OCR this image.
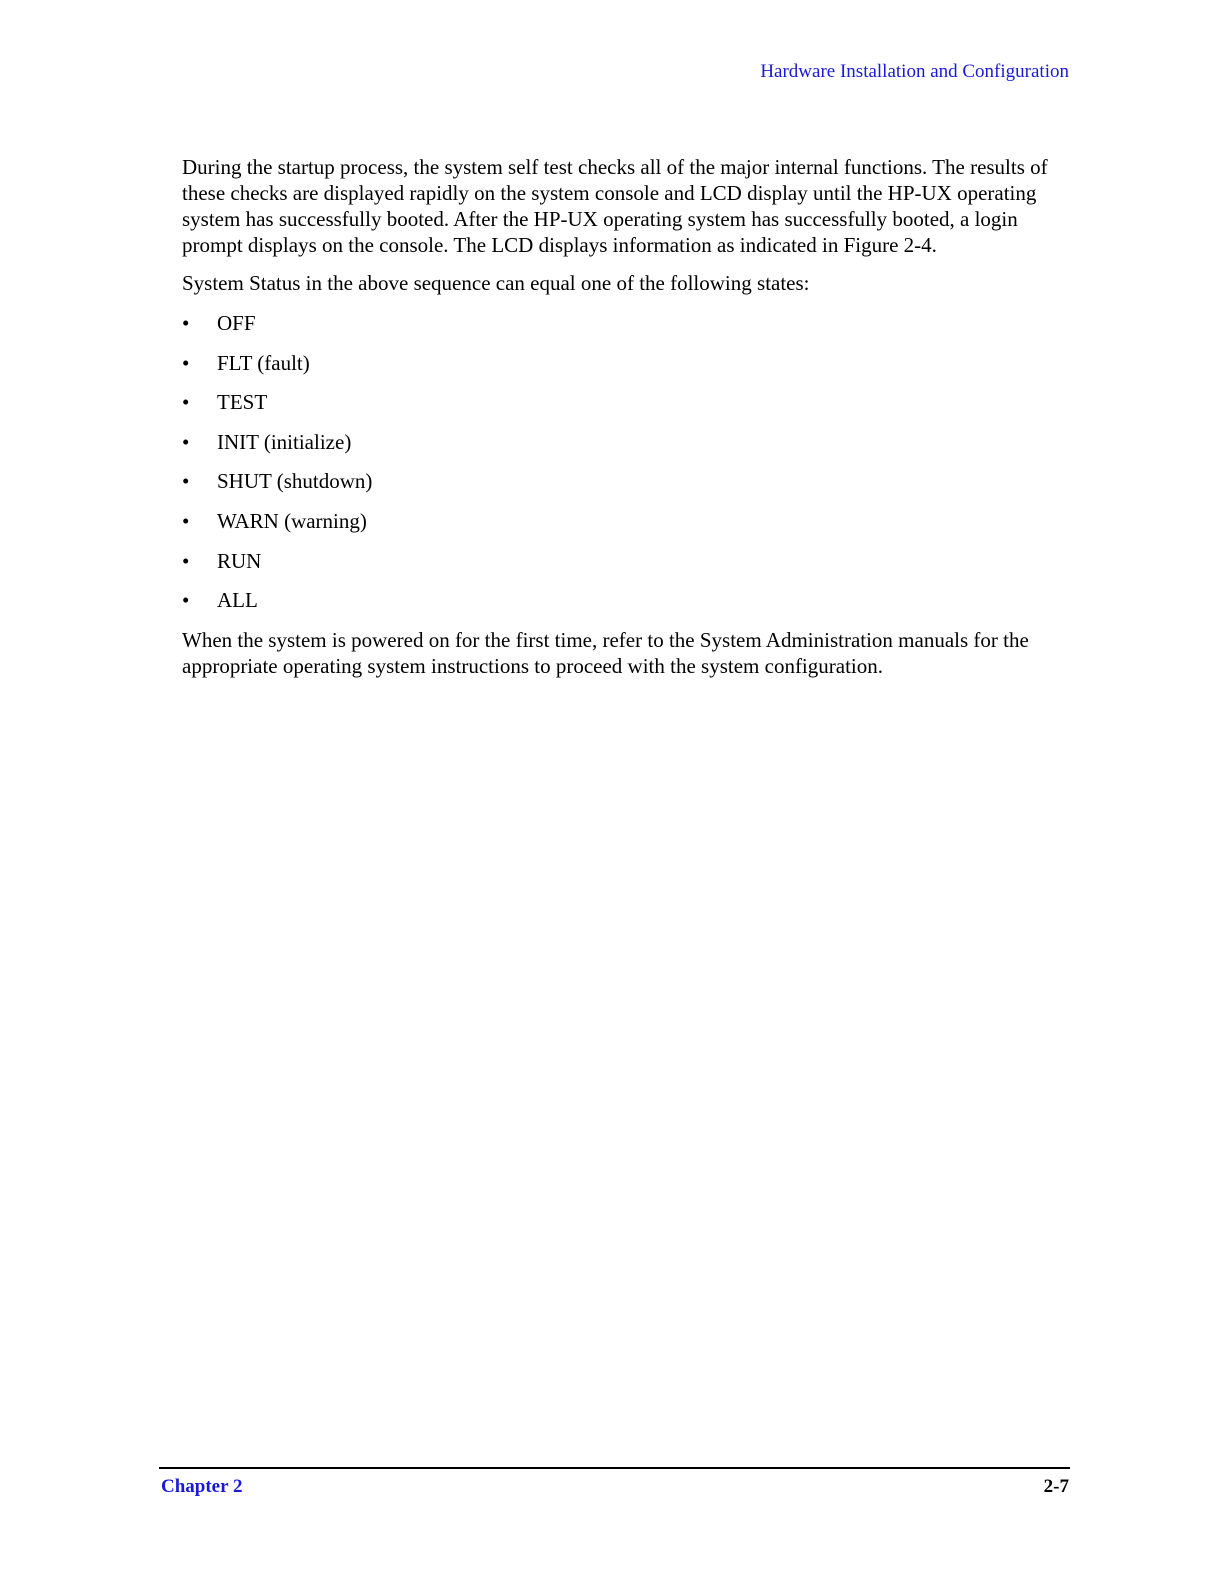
Hardware Installation and Configuration

During the startup process, the system self test checks all of the major internal functions. The results of these checks are displayed rapidly on the system console and LCD display until the HP-UX operating system has successfully booted. After the HP-UX operating system has successfully booted, a login prompt displays on the console. The LCD displays information as indicated in Figure 2-4.

System Status in the above sequence can equal one of the following states:

• OFF
• FLT (fault)
• TEST
• INIT (initialize)
• SHUT (shutdown)
• WARN (warning)
• RUN
• ALL

When the system is powered on for the first time, refer to the System Administration manuals for the appropriate operating system instructions to proceed with the system configuration.

Chapter 2	2-7
